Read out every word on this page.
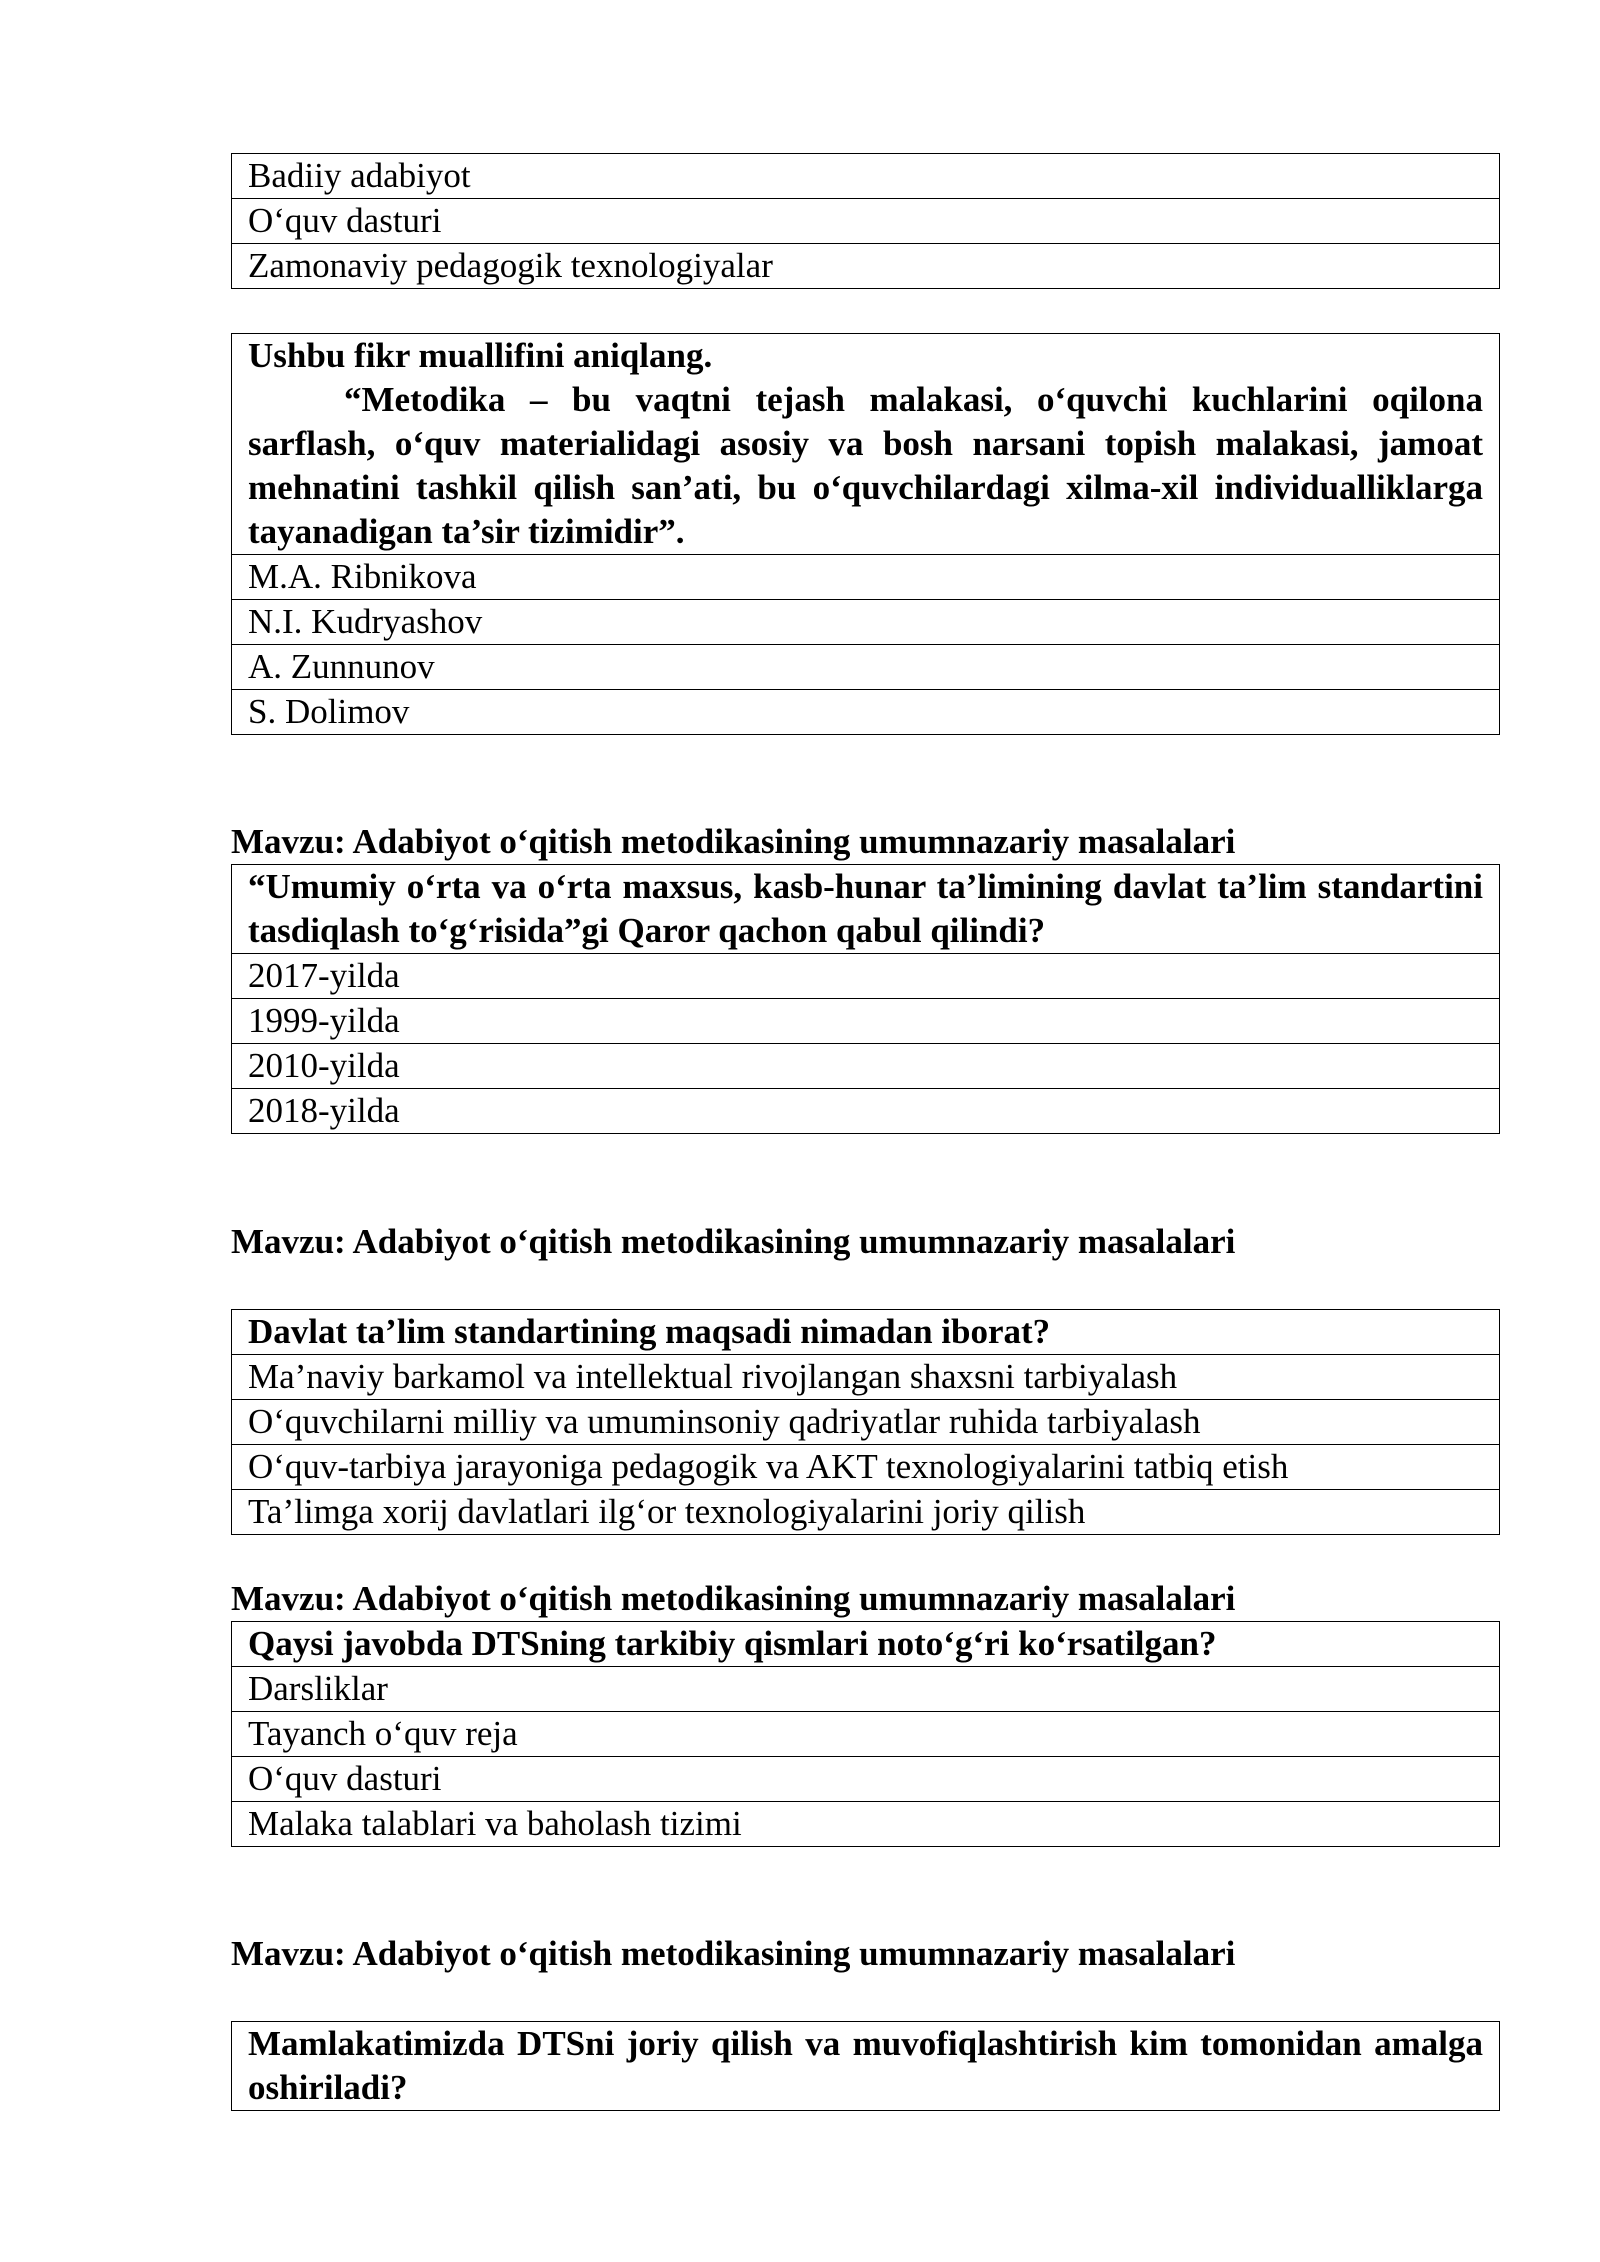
Badiiy adabiyot
O‘quv dasturi
Zamonaviy pedagogik texnologiyalar
Ushbu fikr muallifini aniqlang.
“Metodika – bu vaqtni tejash malakasi, o‘quvchi kuchlarini oqilona sarflash, o‘quv materialidagi asosiy va bosh narsani topish malakasi, jamoat mehnatini tashkil qilish san’ati, bu o‘quvchilardagi xilma-xil individualliklarga tayanadigan ta’sir tizimidir”.

M.A. Ribnikova
N.I. Kudryashov
A. Zunnunov
S. Dolimov
Mavzu: Adabiyot o‘qitish metodikasining umumnazariy masalalari
“Umumiy o‘rta va o‘rta maxsus, kasb-hunar ta’limining davlat ta’lim standartini tasdiqlash to‘g‘risida”gi Qaror qachon qabul qilindi?
2017-yilda
1999-yilda
2010-yilda
2018-yilda
Mavzu: Adabiyot o‘qitish metodikasining umumnazariy masalalari
Davlat ta’lim standartining maqsadi nimadan iborat?
Ma’naviy barkamol va intellektual rivojlangan shaxsni tarbiyalash
O‘quvchilarni milliy va umuminsoniy qadriyatlar ruhida tarbiyalash
O‘quv-tarbiya jarayoniga pedagogik va AKT texnologiyalarini tatbiq etish
Ta’limga xorij davlatlari ilg‘or texnologiyalarini joriy qilish
Mavzu: Adabiyot o‘qitish metodikasining umumnazariy masalalari
Qaysi javobda DTSning tarkibiy qismlari noto‘g‘ri ko‘rsatilgan?
Darsliklar
Tayanch o‘quv reja
O‘quv dasturi
Malaka talablari va baholash tizimi
Mavzu: Adabiyot o‘qitish metodikasining umumnazariy masalalari
Mamlakatimizda DTSni joriy qilish va muvofiqlashtirish kim tomonidan amalga oshiriladi?
